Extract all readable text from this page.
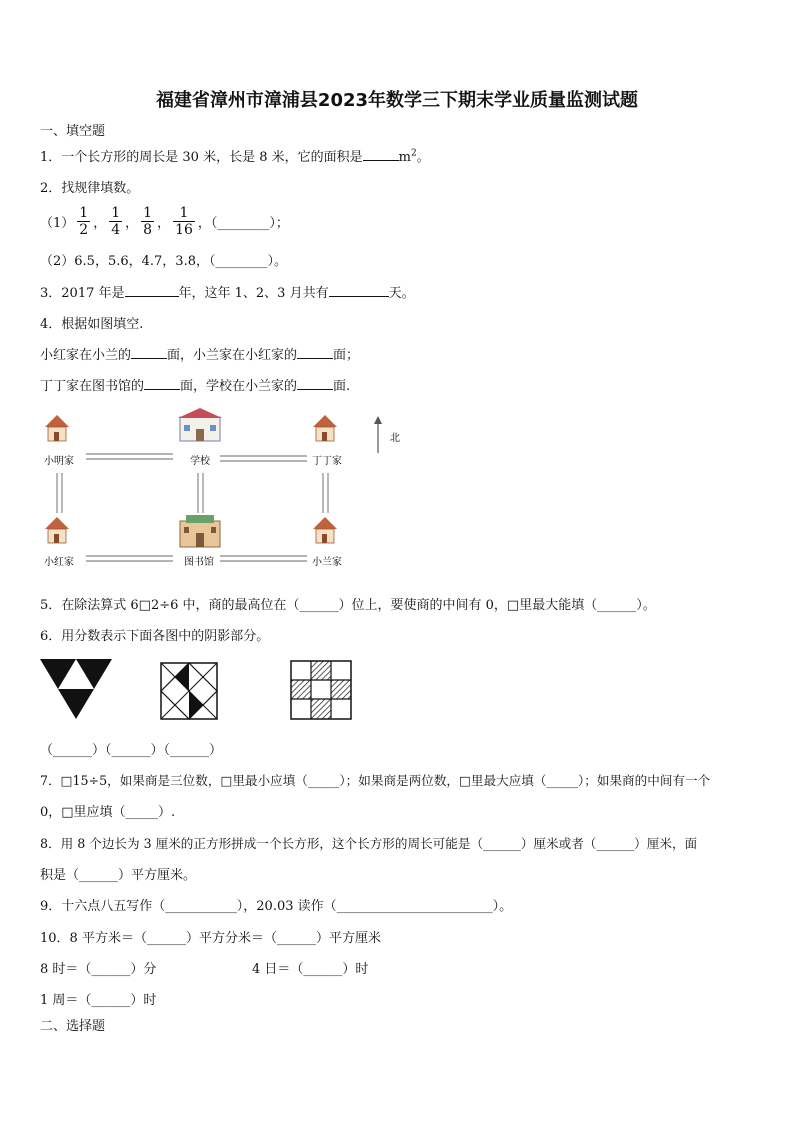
福建省漳州市漳浦县2023年数学三下期末学业质量监测试题
一、填空题
1．一个长方形的周长是 30 米，长是 8 米，它的面积是	$m^2$。
2．找规律填数。
$(1) \frac{1}{2}$ ， $\frac{1}{4}$ ， $\frac{1}{8}$ ， $\frac{1}{16}$ ，（________）；
（2）6.5，5.6，4.7，3.8，（________）。
3．2017 年是	年，这年 1、2、3 月共有	天。
4．根据如图填空.
小红家在小兰的	面，小兰家在小红家的	面；
丁丁家在图书馆的	面，学校在小兰家的	面.
小明家	学校	丁丁家
小红家	图书馆	小兰家
北
5．在除法算式 6□2÷6 中，商的最高位在（______）位上，要使商的中间有 0，□里最大能填（______）。
6．用分数表示下面各图中的阴影部分。
（______）（______）（______）
7．□15÷5，如果商是三位数，□里最小应填（_____）；如果商是两位数，□里最大应填（_____）；如果商的中间有一个
0，□里应填（_____）.
8．用 8 个边长为 3 厘米的正方形拼成一个长方形，这个长方形的周长可能是（______）厘米或者（______）厘米，面
积是（______）平方厘米。
9．十六点八五写作（___________），20.03 读作（________________________）。
10．8 平方米＝（______）平方分米＝（______）平方厘米
8 时＝（______）分	4 日＝（______）时
1 周＝（______）时
二、选择题
